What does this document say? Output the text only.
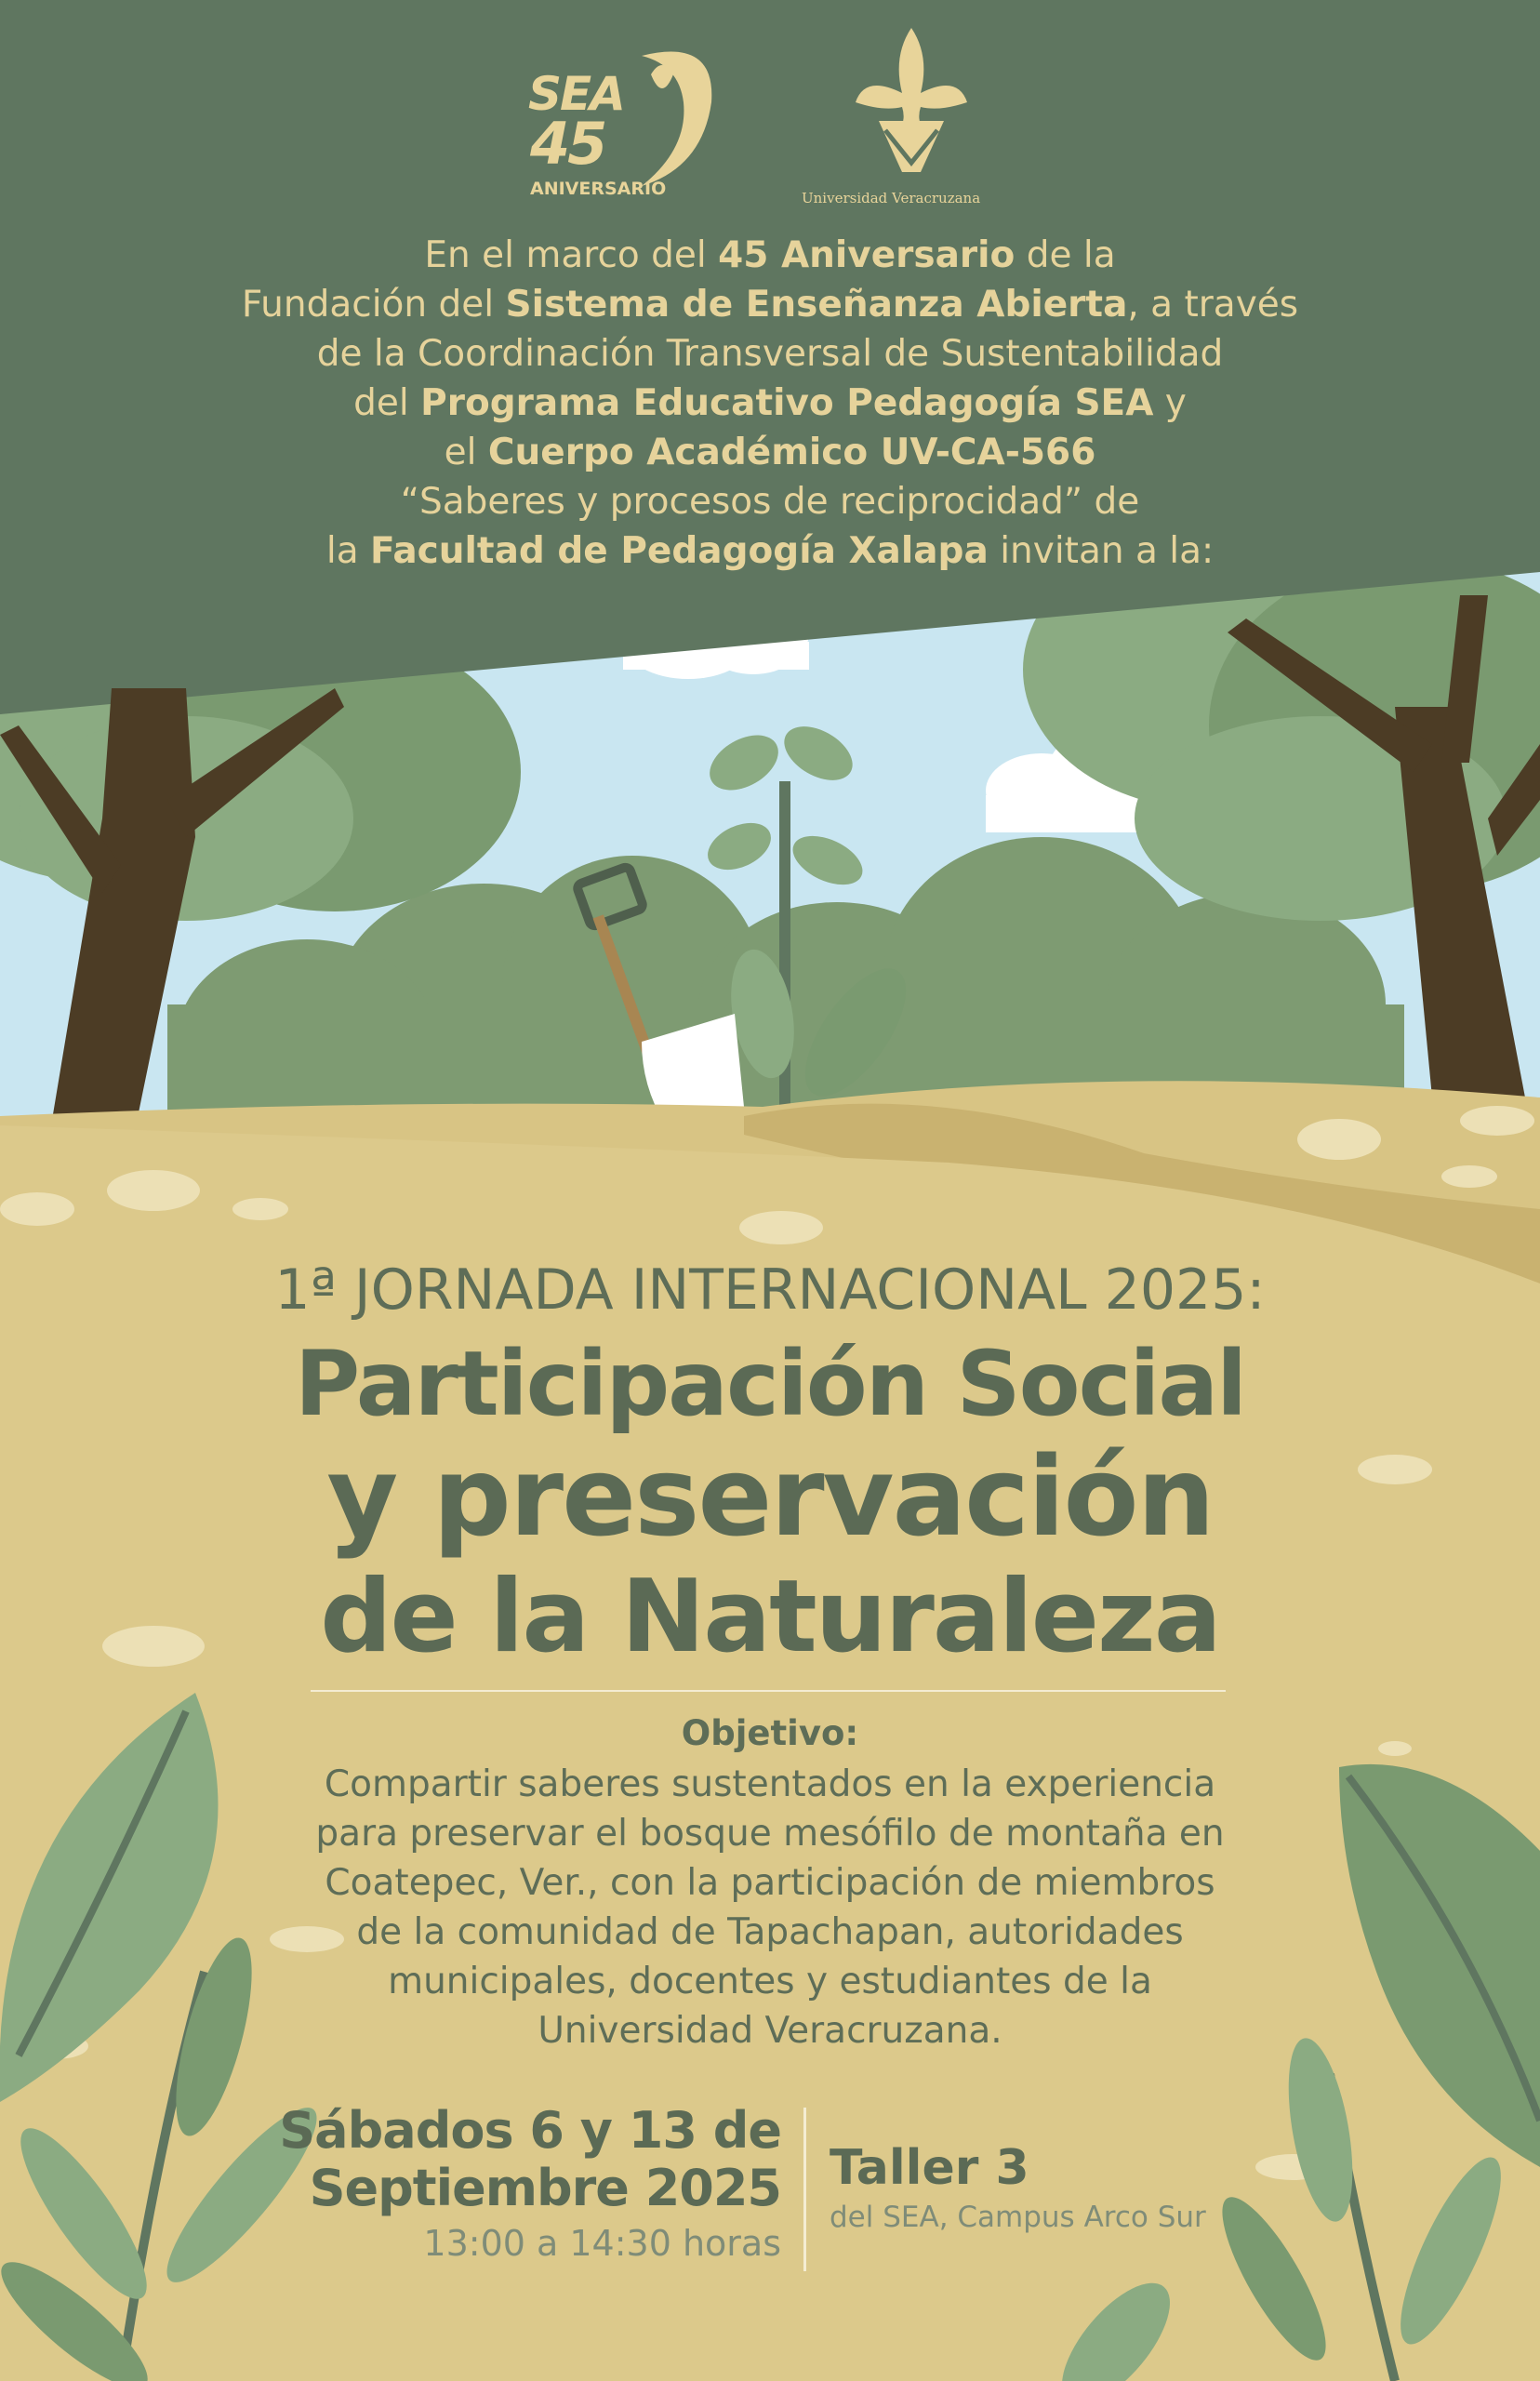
SEA
45
ANIVERSARIO	Universidad Veracruzana
En el marco del 45 Aniversario de la
Fundación del Sistema de Enseñanza Abierta, a través
de la Coordinación Transversal de Sustentabilidad
del Programa Educativo Pedagogía SEA y
el Cuerpo Académico UV-CA-566
“Saberes y procesos de reciprocidad” de
la Facultad de Pedagogía Xalapa invitan a la:
1ª JORNADA INTERNACIONAL 2025:
Participación Social
y preservación
de la Naturaleza
Objetivo:
Compartir saberes sustentados en la experiencia
para preservar el bosque mesófilo de montaña en
Coatepec, Ver., con la participación de miembros
de la comunidad de Tapachapan, autoridades
municipales, docentes y estudiantes de la
Universidad Veracruzana.
Sábados 6 y 13 de
Septiembre 2025
13:00 a 14:30 horas
Taller 3
del SEA, Campus Arco Sur
